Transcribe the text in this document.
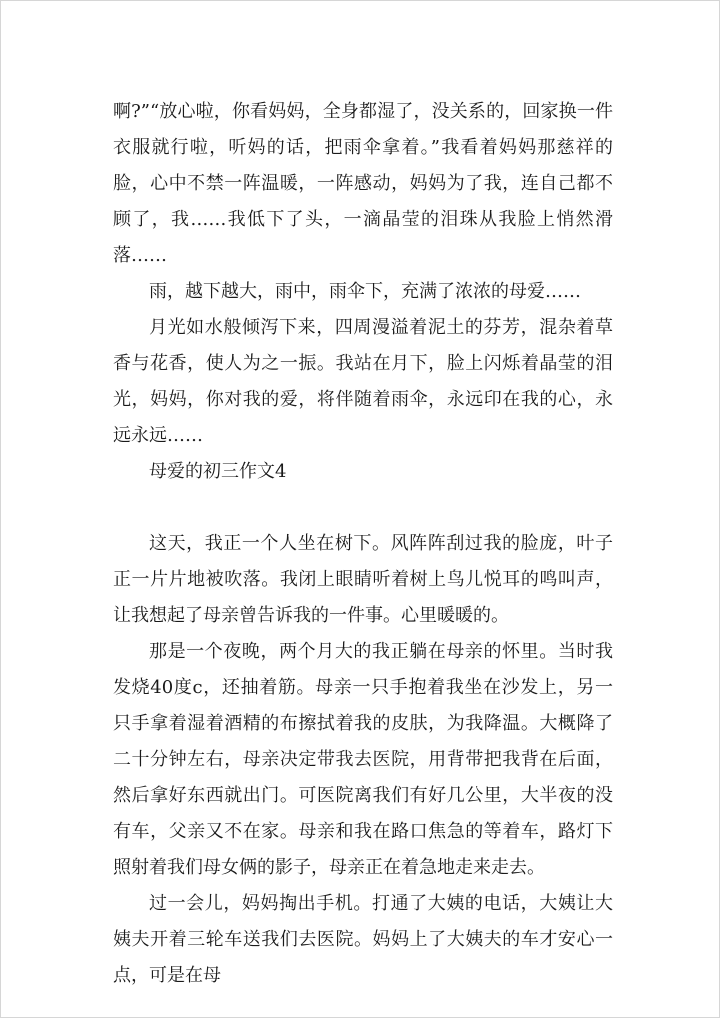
啊?”“放心啦，你看妈妈，全身都湿了，没关系的，回家换一件衣服就行啦，听妈的话，把雨伞拿着。”我看着妈妈那慈祥的脸，心中不禁一阵温暖，一阵感动，妈妈为了我，连自己都不顾了，我……我低下了头，一滴晶莹的泪珠从我脸上悄然滑落……

雨，越下越大，雨中，雨伞下，充满了浓浓的母爱……

月光如水般倾泻下来，四周漫溢着泥土的芬芳，混杂着草香与花香，使人为之一振。我站在月下，脸上闪烁着晶莹的泪光，妈妈，你对我的爱，将伴随着雨伞，永远印在我的心，永远永远……

母爱的初三作文4

这天，我正一个人坐在树下。风阵阵刮过我的脸庞，叶子正一片片地被吹落。我闭上眼睛听着树上鸟儿悦耳的鸣叫声，让我想起了母亲曾告诉我的一件事。心里暖暖的。

那是一个夜晚，两个月大的我正躺在母亲的怀里。当时我发烧40度c，还抽着筋。母亲一只手抱着我坐在沙发上，另一只手拿着湿着酒精的布擦拭着我的皮肤，为我降温。大概降了二十分钟左右，母亲决定带我去医院，用背带把我背在后面，然后拿好东西就出门。可医院离我们有好几公里，大半夜的没有车，父亲又不在家。母亲和我在路口焦急的等着车，路灯下照射着我们母女俩的影子，母亲正在着急地走来走去。

过一会儿，妈妈掏出手机。打通了大姨的电话，大姨让大姨夫开着三轮车送我们去医院。妈妈上了大姨夫的车才安心一点，可是在母
